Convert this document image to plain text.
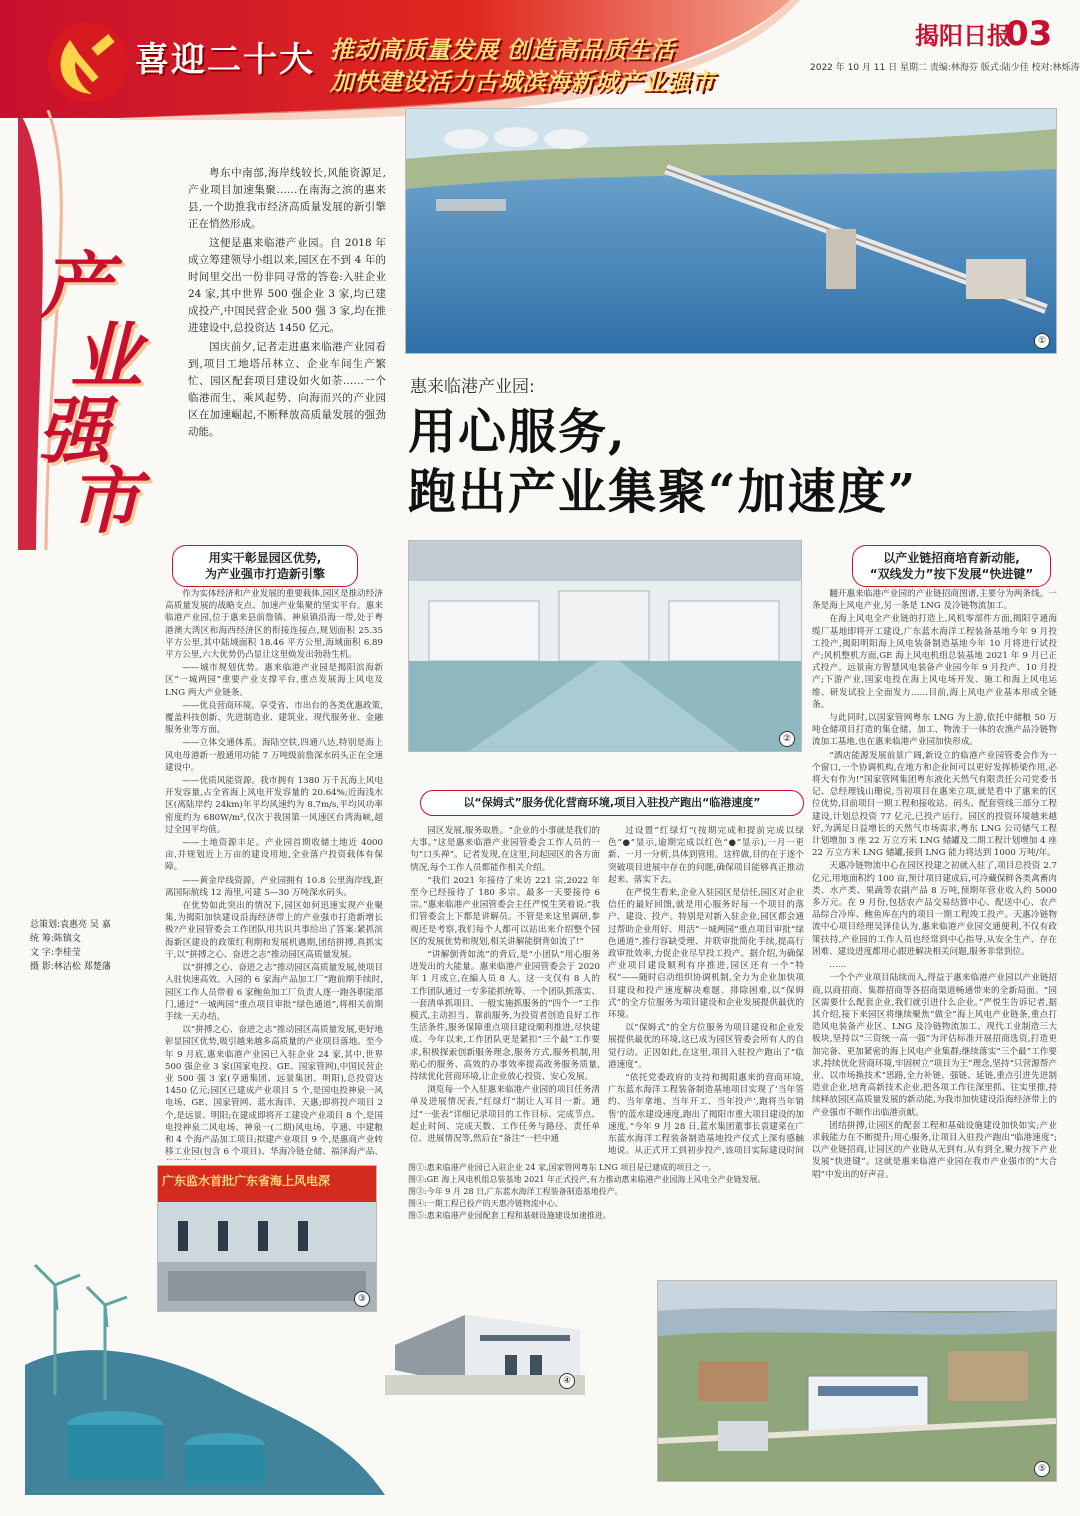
喜迎二十大 推动高质量发展 创造高品质生活
加快建设活力古城滨海新城产业强市
揭阳日报
03
2022 年 10 月 11 日 星期二 责编:林海芬 版式:陆少佳 校对:林烁涛
产
业
强
市

粤东中南部,海岸线较长,风能资源足,产业项目加速集聚……在南海之滨的惠来县,一个助推我市经济高质量发展的新引擎正在悄然形成。

这便是惠来临港产业园。自 2018 年成立筹建领导小组以来,园区在不到 4 年的时间里交出一份非同寻常的答卷:入驻企业 24 家,其中世界 500 强企业 3 家,均已建成投产,中国民营企业 500 强 3 家,均在推进建设中,总投资达 1450 亿元。

国庆前夕,记者走进惠来临港产业园看到,项目工地塔吊林立、企业车间生产繁忙、园区配套项目建设如火如荼……一个临港而生、乘风起势、向海而兴的产业园区在加速崛起,不断释放高质量发展的强劲动能。

①
惠来临港产业园:
用心服务,
跑出产业集聚“加速度”
用实干彰显园区优势,
为产业强市打造新引擎

作为实体经济和产业发展的重要载体,园区是推动经济高质量发展的战略支点、加速产业集聚的坚实平台。惠来临港产业园,位于惠来县前詹镇、神泉镇沿海一带,处于粤港澳大湾区和海西经济区的衔接连接点,规划面积 25.35 平方公里,其中陆域面积 18.46 平方公里,海域面积 6.89 平方公里,六大优势仍凸显让这里焕发出勃勃生机。

——城市规划优势。惠来临港产业园是揭阳滨海新区“一城两园”重要产业支撑平台,重点发展海上风电及 LNG 两大产业链条。

——优良营商环境。享受省、市出台的各类优惠政策,覆盖科技创新、先进制造业、建筑业、现代服务业、金融服务业等方面。

——立体交通体系。海陆空铁,四通八达,特别是海上风电母港新一般通用功能 7 万吨级前詹深水码头正在全速建设中。

——优质风能资源。我市拥有 1380 万千瓦海上风电开发容量,占全省海上风电开发容量的 20.64%;近海浅水区(离陆岸约 24km)年平均风速约为 8.7m/s,平均风功率密度约为 680W/m²,仅次于我国第一风速区台湾海峡,超过全国平均值。

——土地资源丰足。产业园首期收储土地近 4000 亩,并规划近上万亩的建设用地,全业落户投资载体有保障。

——黄金岸线资源。产业园拥有 10.8 公里海岸线,距离国际航线 12 海里,可建 5—30 万吨深水码头。

在优势如此突出的情况下,园区如何迅速实现产业聚集,为揭阳加快建设沿海经济带上的产业强市打造新增长极?产业园管委会工作团队用共识共事给出了答案:紧抓滨海新区建设的政策红利期和发展机遇期,团结拼搏,真抓实干,以“拼搏之心、奋进之志”推动园区高质量发展。

以“拼搏之心、奋进之志”推动园区高质量发展,使项目入驻快速高效。入园的 6 家海产品加工厂“跑前期手续时,园区工作人员带着 6 家鲍鱼加工厂负责人逐一跑各职能部门,通过“一城两园”重点项目审批“绿色通道”,将相关前期手续一天办结。

以“拼搏之心、奋进之志”推动园区高质量发展,更好地彰显园区优势,吸引越来越多高质量的产业项目落地。至今年 9 月底,惠来临港产业园已入驻企业 24 家,其中,世界 500 强企业 3 家(国家电投、GE、国家管网),中国民营企业 500 强 3 家(亨通集团、远景集团、明阳),总投资达 1450 亿元;园区已建成产业项目 5 个,是国电投神泉一风电场、GE、国家管网、蓝水海洋、天惠;即将投产项目 2 个,是远景、明阳;在建成即将开工建设产业项目 8 个,是国电投神泉二风电场、神泉一(二期)风电场、亨通、中建粮和 4 个海产品加工项目;拟建产业项目 9 个,是惠商产业转移工业园(包含 6 个项目)、华海冷链仓储、福泽海产品、

总策划:袁惠亮 吴 嘉
统 筹:陈镇文
文 字:李桂莹
摄 影:林洁松 郑楚藩
②
以产业链招商培育新动能,
“双线发力”按下发展“快进键”

翻开惠来临港产业园的产业链招商图谱,主要分为两条线。一条是海上风电产业,另一条是 LNG 及冷链物流加工。

在海上风电全产业链的打造上,风机零部件方面,揭阳亨通海缆厂基地即将开工建设,广东蓝水海洋工程装备基地今年 9 月投工投产,揭阳明阳海上风电装备制造基地今年 10 月将进行试投产;风机整机方面,GE 海上风电机组总装基地 2021 年 9 月已正式投产。远景南方智慧风电装备产业园今年 9 月投产、10 月投产;下游产业,国家电投在海上风电场开发、施工和海上风电运维、研发试验上全面发力……目前,海上风电产业基本形成全链条。

与此同时,以国家管网粤东 LNG 为上游,依托中储粮 50 万吨仓储项目打造的集仓储、加工、物流于一体的农渔产品冷链物流加工基地,也在惠来临港产业园加快形成。

“酒店能源发展前景广阔,新设立的临港产业园管委会作为一个窗口,一个协调机构,在地方和企业间可以更好发挥桥梁作用,必将大有作为!”国家管网集团粤东液化天然气有限责任公司党委书记、总经理钱山珊说,当初项目在惠来立项,就是看中了惠来的区位优势,目前项目一期工程和接收站、码头、配套管线三部分工程建设,计划总投资 77 亿元,已投产运行。园区的投资环境越来越好,为满足日益增长的天然气市场需求,粤东 LNG 公司储气工程计划增加 3 座 22 万立方米 LNG 储罐及二期工程计划增加 4 座 22 万立方米 LNG 储罐,接到 LNG 能力将达到 1000 万吨/年。

天惠冷链物流中心在园区投建之初就入驻了,项目总投资 2.7 亿元,用地面积约 100 亩,预计项目建成后,可冷藏保鲜各类禽畜肉类、水产类、果蔬等农副产品 8 万吨,预期年营业收入约 5000 多万元。在 9 月份,包括农产品交易结算中心、配送中心、农产品综合冷库、鲍鱼库在内的项目一期工程竣工投产。天惠冷链物流中心项目经理吴泽佳认为,惠来临港产业园交通便利,不仅有政策扶持,产业园的工作人员也经常到中心指导,从安全生产、存在困难、建设进度都用心跟进解决相关问题,服务非常到位。

……

一个个产业项目陆续而入,得益于惠来临港产业园以产业链招商,以商招商、集群招商等各招商渠道畅通带来的全新局面。“园区需要什么配套企业,我们就引进什么企业。”严悦生告诉记者,据其介绍,接下来园区将继续聚焦“做全”海上风电产业链条,重点打造风电装备产业区、LNG 及冷链物流加工、现代工业制造三大板块,坚持以“三资统一高一强”为评估标准开展招商选资,打造更加完备、更加紧密的海上风电产业集群;继续落实“三个最”工作要求,持续优化营商环境,牢固树立“项目为王”理念,坚持“只营源帮产业、以市场换技术”思路,全力补链、强链、延链,重点引进先进制造业企业,培育高新技术企业,把各项工作往深里抓、往实里推,持续释放园区高质量发展的新动能,为我市加快建设沿海经济带上的产业强市不断作出临港贡献。

团结拼搏,让园区的配套工程和基础设施建设加快如实;产业求载能力在不断提升;用心服务,让项目入驻投产跑出“临港速度”;以产业链招商,让园区的产业链从无到有,从有到全,聚力按下产业发展“快进键”。这就是惠来临港产业园在我市产业强市的“大合唱”中发出的好声音。

以“保姆式”服务优化营商环境,项目入驻投产跑出“临港速度”

园区发展,服务取胜。“企业的小事就是我们的大事。”这是惠来临港产业园管委会工作人员的一句“口头禅”。记者发现,在这里,问起园区的各方面情况,每个工作人员都能作相关介绍。

“我们 2021 年接待了来访 221 宗,2022 年至今已经接待了 180 多宗。最多一天要接待 6 宗。”惠来临港产业园管委会主任严悦生笑着说:“我们管委会上下都是讲解员。不管是来这里调研,参观还是考察,我们每个人都可以站出来介绍整个园区的发展优势和规划,相关讲解能倒背如流了!”

“讲解倒背如流”的背后,是“小团队”用心服务迸发出的大能量。惠来临港产业园管委会于 2020 年 1 月成立,在编人员 8 人。这一支仅有 8 人的工作团队通过一专多能抓统筹、一个团队抓落实、一套清单抓项目、一般实施抓服务的“四个一”工作模式,主动担当、靠前服务,为投资者创造良好工作生活条件,服务保障重点项目建设顺利推进,尽快建成、今年以来,工作团队更是紧扣“三个最”工作要求,积极探索创新服务理念,服务方式,服务机制,用贴心的服务、高效的办事效率提高政务服务质量,持续优化营商环境,让企业放心投资、安心发展。

浏览每一个入驻惠来临港产业园的项目任务清单及进展情况表,“红绿灯”制让人耳目一新。通过“一张表”详细记录项目的工作目标、完成节点、起止时间、完成天数、工作任务与路径、责任单位、进展情况等,然后在“备注”一栏中通

过设置“红绿灯”(按期完成和提前完成以绿色“●”显示,逾期完成以红色“●”显示),一月一更新、一月一分析,具体到管用。这样做,目的在于逐个突破项目进展中存在的问题,确保项目能够真正推动起来、落实下去。

在严悦生看来,企业入驻园区是信任,园区对企业信任的最好回馈,就是用心服务好每一个项目的落户、建设、投产。特别是对新入驻企业,园区都会通过帮助企业用好、用活“一城两园”重点项目审批“绿色通道”,推行容缺受理、并联审批简化手续,提高行政审批效率,力促企业尽早投工投产。据介绍,为确保产业项目建设顺利有序推进,园区还有一个“特权”——随时启动组织协调机制,全力为企业加快项目建设和投产速度解决难题、排除困难,以“保姆式”的全方位服务为项目建设和企业发展提供最优的环境。

以“保姆式”的全方位服务为项目建设和企业发展提供最优的环境,这已成为园区管委会所有人的自觉行动。正因如此,在这里,项目入驻投产跑出了“临港速度”。

“依托党委政府的支持和揭阳惠来的营商环境,广东蓝水海洋工程装备制造基地项目实现了‘当年签约、当年拿地、当年开工、当年投产’,跑将当年销售’的蓝水建设速度,跑出了揭阳市重大项目建设的加速度。”今年 9 月 28 日,蓝水集团董事长袁建菜在广东蓝水海洋工程装备制造基地投产仪式上深有感触地说。从正式开工到初步投产,该项目实际建设时间

图①:惠来临港产业园已入驻企业 24 家,国家管网粤东 LNG 项目是已建成的项目之一。
图②:GE 海上风电机组总装基地 2021 年正式投产,有力推动惠来临港产业园海上风电全产业链发展。
图③:今年 9 月 28 日,广东蓝水海洋工程装备制造基地投产。
图④:一期工程已投产的天惠冷链物流中心。
图⑤:惠来临港产业园配套工程和基础设施建设加速推进。
广东监水首批广东省海上风电深
③
④
⑤
